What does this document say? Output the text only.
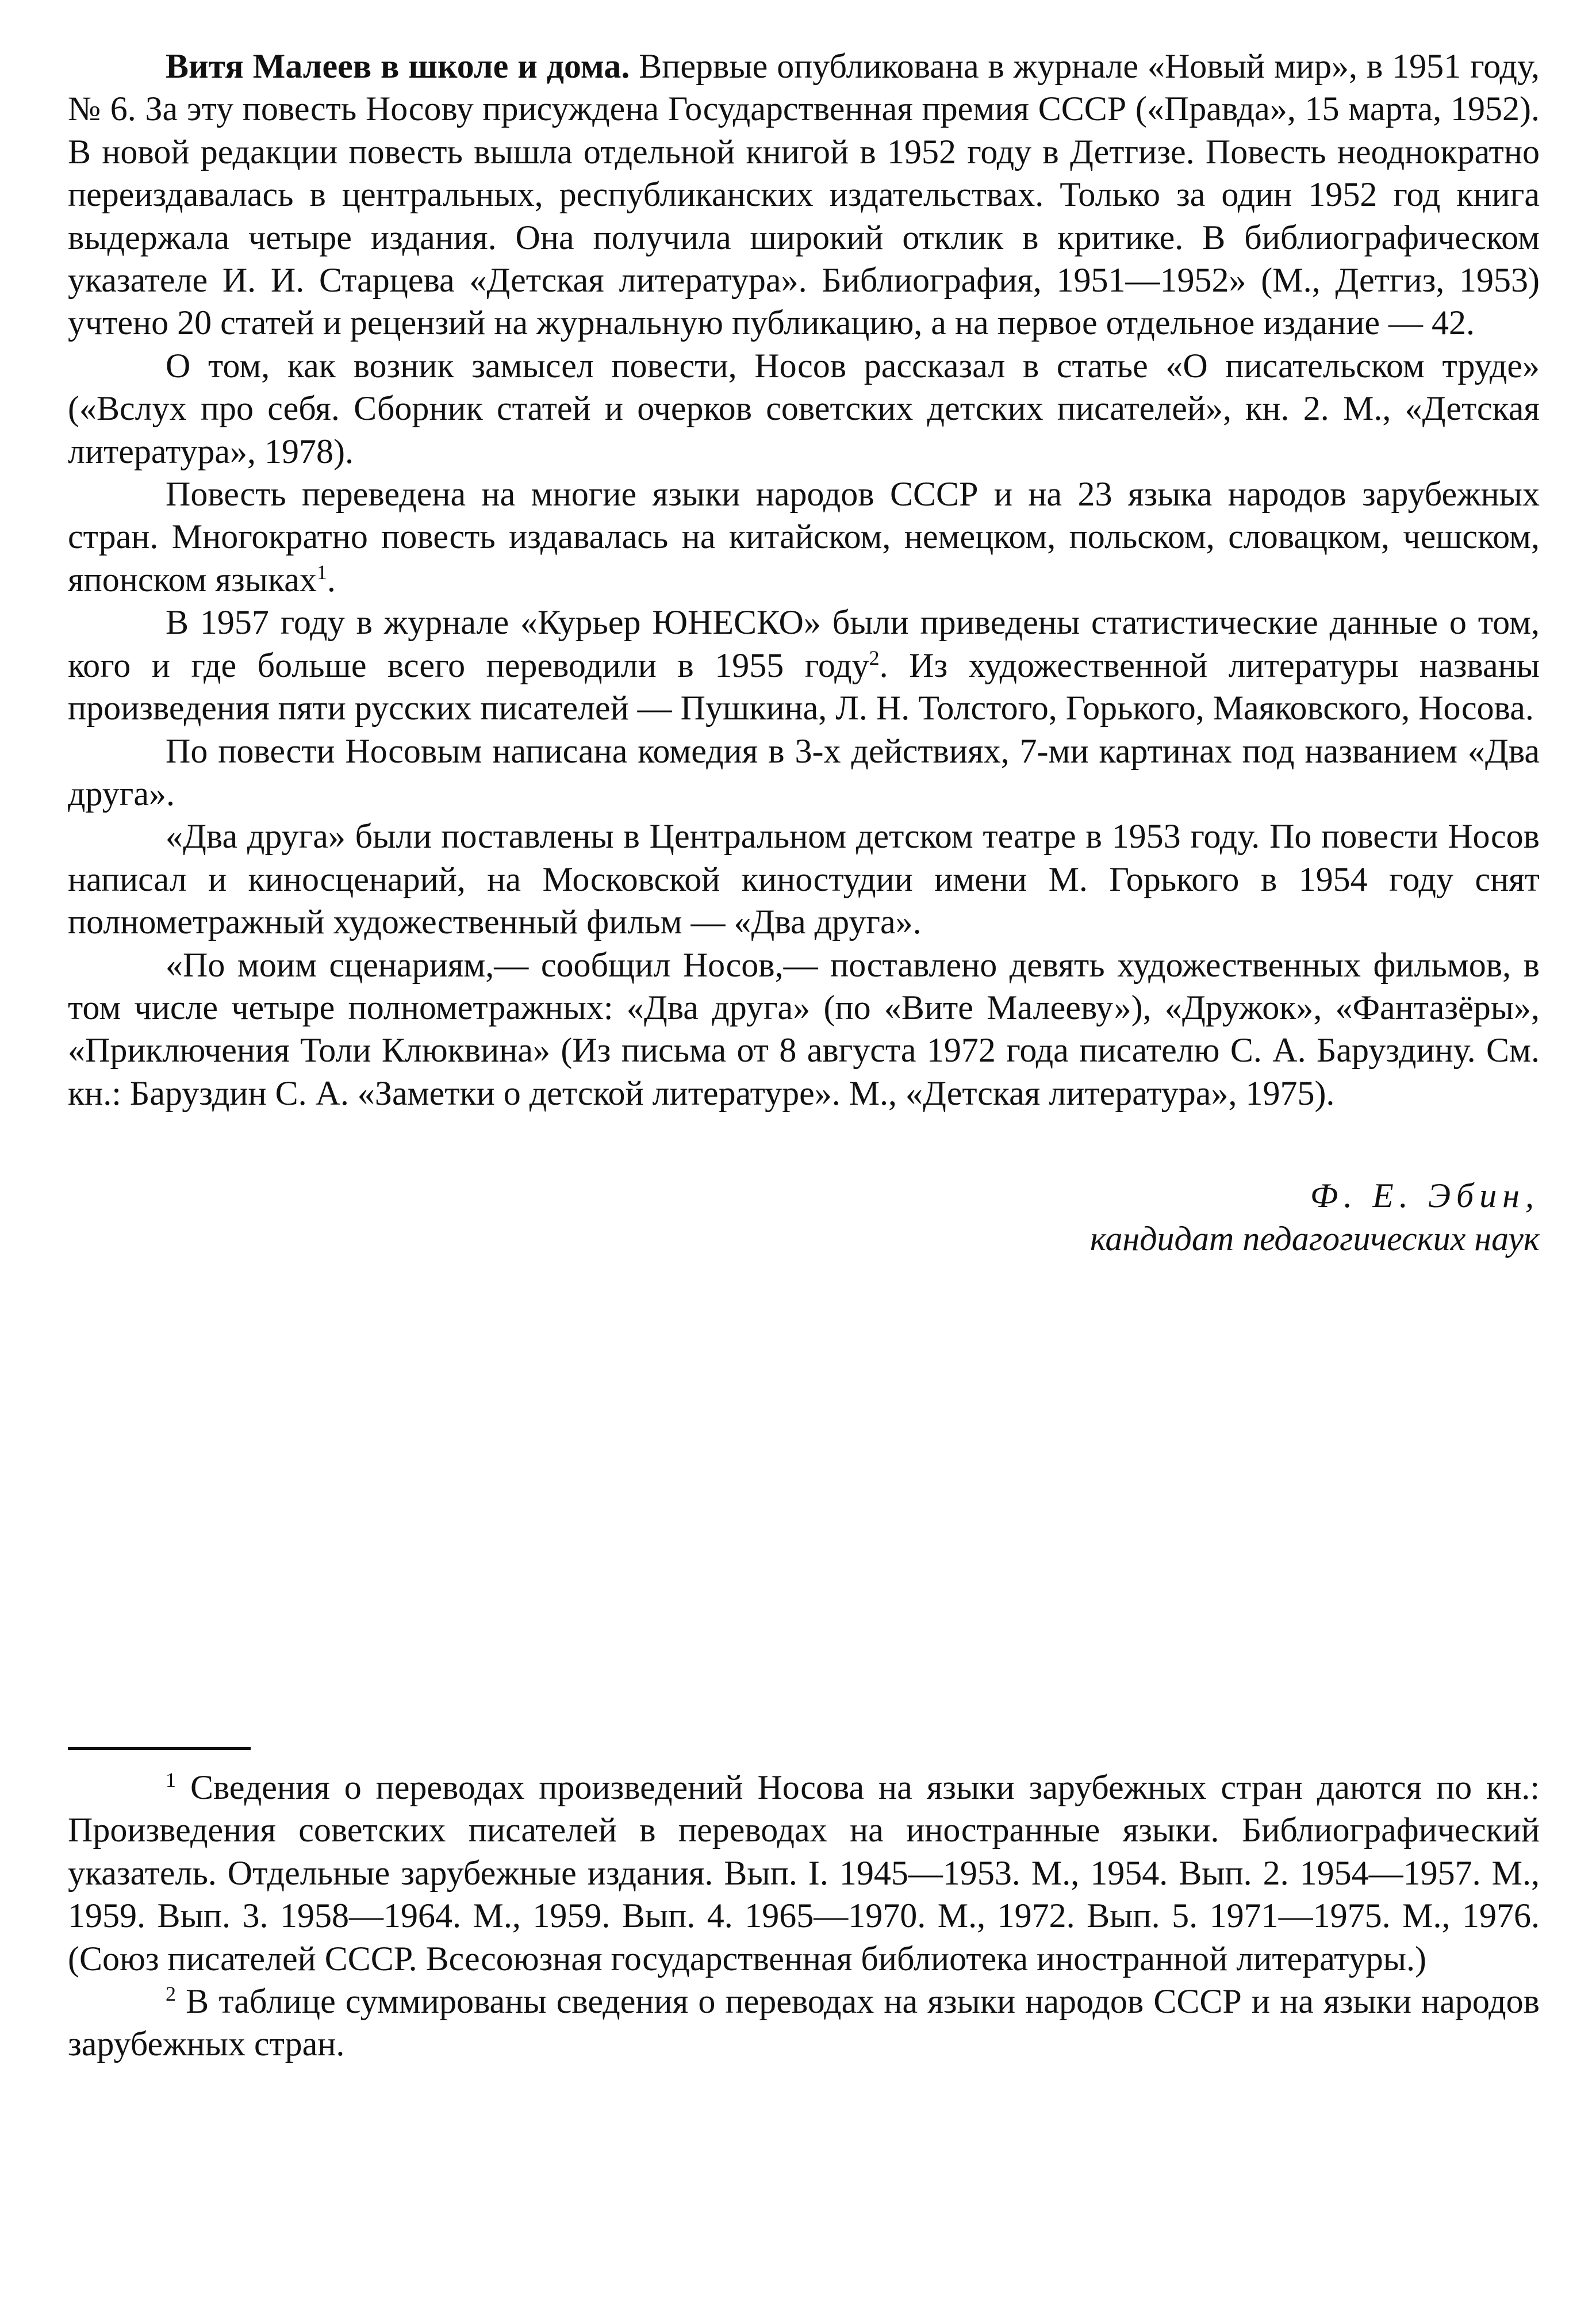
Витя Малеев в школе и дома. Впервые опубликована в журнале «Новый мир», в 1951 году, № 6. За эту повесть Носову присуждена Государственная премия СССР («Правда», 15 марта, 1952). В новой редакции повесть вышла отдельной книгой в 1952 году в Детгизе. Повесть неоднократно переиздавалась в центральных, республиканских издательствах. Только за один 1952 год книга выдержала четыре издания. Она получила широкий отклик в критике. В библиографическом указателе И. И. Старцева «Детская литература». Библиография, 1951—1952» (М., Детгиз, 1953) учтено 20 статей и рецензий на журнальную публикацию, а на первое отдельное издание — 42.

О том, как возник замысел повести, Носов рассказал в статье «О писательском труде» («Вслух про себя. Сборник статей и очерков советских детских писателей», кн. 2. М., «Детская литература», 1978).

Повесть переведена на многие языки народов СССР и на 23 языка народов зарубежных стран. Многократно повесть издавалась на китайском, немецком, польском, словацком, чешском, японском языках$^1$.

В 1957 году в журнале «Курьер ЮНЕСКО» были приведены статистические данные о том, кого и где больше всего переводили в 1955 году$^2$. Из художественной литературы названы произведения пяти русских писателей — Пушкина, Л. Н. Толстого, Горького, Маяковского, Носова.

По повести Носовым написана комедия в 3-х действиях, 7-ми картинах под названием «Два друга».

«Два друга» были поставлены в Центральном детском театре в 1953 году. По повести Носов написал и киносценарий, на Московской киностудии имени М. Горького в 1954 году снят полнометражный художественный фильм — «Два друга».

«По моим сценариям,— сообщил Носов,— поставлено девять художественных фильмов, в том числе четыре полнометражных: «Два друга» (по «Вите Малееву»), «Дружок», «Фантазёры», «Приключения Толи Клюквина» (Из письма от 8 августа 1972 года писателю С. А. Баруздину. См. кн.: Баруздин С. А. «Заметки о детской литературе». М., «Детская литература», 1975).

Ф. Е. Эбин,
кандидат педагогических наук

$^1$ Сведения о переводах произведений Носова на языки зарубежных стран даются по кн.: Произведения советских писателей в переводах на иностранные языки. Библиографический указатель. Отдельные зарубежные издания. Вып. I. 1945—1953. М., 1954. Вып. 2. 1954—1957. М., 1959. Вып. 3. 1958—1964. М., 1959. Вып. 4. 1965—1970. М., 1972. Вып. 5. 1971—1975. М., 1976. (Союз писателей СССР. Всесоюзная государственная библиотека иностранной литературы.)

$^2$ В таблице суммированы сведения о переводах на языки народов СССР и на языки народов зарубежных стран.
